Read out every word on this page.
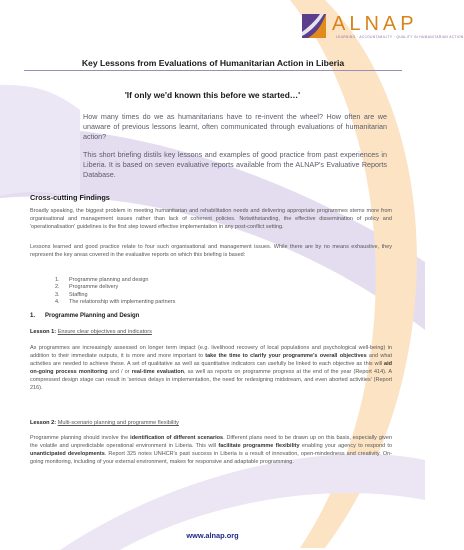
ALNAP
LEARNING · ACCOUNTABILITY · QUALITY IN HUMANITARIAN ACTION
Key Lessons from Evaluations of Humanitarian Action in Liberia
'If only we'd known this before we started…'
How many times do we as humanitarians have to re-invent the wheel? How often are we unaware of previous lessons learnt, often communicated through evaluations of humanitarian action?
This short briefing distils key lessons and examples of good practice from past experiences in Liberia. It is based on seven evaluative reports available from the ALNAP's Evaluative Reports Database.
Cross-cutting Findings
Broadly speaking, the biggest problem in meeting humanitarian and rehabilitation needs and delivering appropriate programmes stems more from organisational and management issues rather than lack of coherent policies. Notwithstanding, the effective dissemination of policy and 'operationalisation' guidelines is the first step toward effective implementation in any post-conflict setting.
Lessons learned and good practice relate to four such organisational and management issues. While there are by no means exhaustive, they represent the key areas covered in the evaluative reports on which this briefing is based:
1. Programme planning and design
2. Programme delivery
3. Staffing
4. The relationship with implementing partners
1. Programme Planning and Design
Lesson 1: Ensure clear objectives and indicators
As programmes are increasingly assessed on longer term impact (e.g. livelihood recovery of local populations and psychological well-being) in addition to their immediate outputs, it is more and more important to take the time to clarify your programme's overall objectives and what activities are needed to achieve these. A set of qualitative as well as quantitative indicators can usefully be linked to each objective as this will aid on-going process monitoring and / or real-time evaluation, as well as reports on programme progress at the end of the year (Report 414). A compressed design stage can result in 'serious delays in implementation, the need for redesigning midstream, and even aborted activities' (Report 216).
Lesson 2: Multi-scenario planning and programme flexibility
Programme planning should involve the identification of different scenarios. Different plans need to be drawn up on this basis, especially given the volatile and unpredictable operational environment in Liberia. This will facilitate programme flexibility enabling your agency to respond to unanticipated developments. Report 325 notes UNHCR's past success in Liberia is a result of innovation, open-mindedness and creativity. On-going monitoring, including of your external environment, makes for responsive and adaptable programming.
www.alnap.org
